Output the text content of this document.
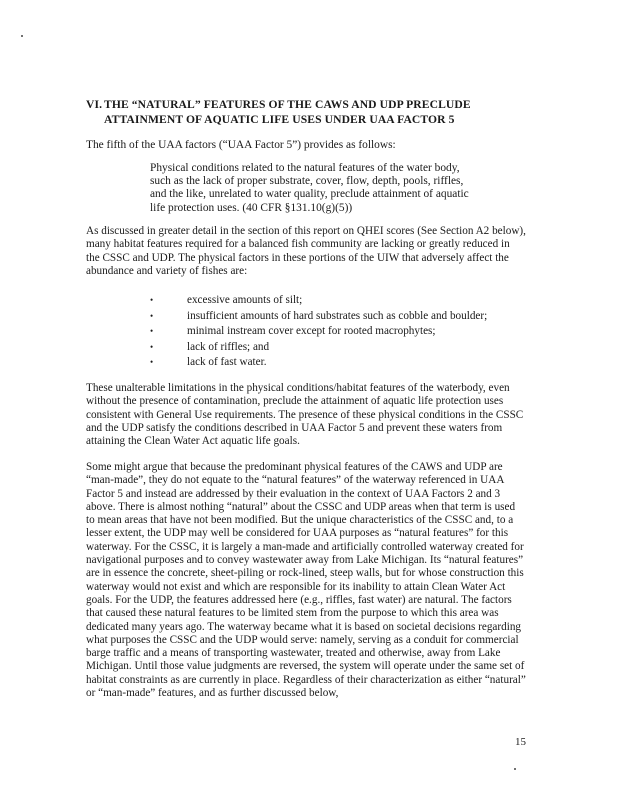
VI. THE “NATURAL” FEATURES OF THE CAWS AND UDP PRECLUDE
ATTAINMENT OF AQUATIC LIFE USES UNDER UAA FACTOR 5
The fifth of the UAA factors (“UAA Factor 5”) provides as follows:
Physical conditions related to the natural features of the water body, such as the lack of proper substrate, cover, flow, depth, pools, riffles, and the like, unrelated to water quality, preclude attainment of aquatic life protection uses. (40 CFR §131.10(g)(5))
As discussed in greater detail in the section of this report on QHEI scores (See Section A2 below), many habitat features required for a balanced fish community are lacking or greatly reduced in the CSSC and UDP. The physical factors in these portions of the UIW that adversely affect the abundance and variety of fishes are:
•	excessive amounts of silt;
•	insufficient amounts of hard substrates such as cobble and boulder;
•	minimal instream cover except for rooted macrophytes;
•	lack of riffles; and
•	lack of fast water.
These unalterable limitations in the physical conditions/habitat features of the waterbody, even without the presence of contamination, preclude the attainment of aquatic life protection uses consistent with General Use requirements. The presence of these physical conditions in the CSSC and the UDP satisfy the conditions described in UAA Factor 5 and prevent these waters from attaining the Clean Water Act aquatic life goals.
Some might argue that because the predominant physical features of the CAWS and UDP are “man-made”, they do not equate to the “natural features” of the waterway referenced in UAA Factor 5 and instead are addressed by their evaluation in the context of UAA Factors 2 and 3 above. There is almost nothing “natural” about the CSSC and UDP areas when that term is used to mean areas that have not been modified. But the unique characteristics of the CSSC and, to a lesser extent, the UDP may well be considered for UAA purposes as “natural features” for this waterway. For the CSSC, it is largely a man-made and artificially controlled waterway created for navigational purposes and to convey wastewater away from Lake Michigan. Its “natural features” are in essence the concrete, sheet-piling or rock-lined, steep walls, but for whose construction this waterway would not exist and which are responsible for its inability to attain Clean Water Act goals. For the UDP, the features addressed here (e.g., riffles, fast water) are natural. The factors that caused these natural features to be limited stem from the purpose to which this area was dedicated many years ago. The waterway became what it is based on societal decisions regarding what purposes the CSSC and the UDP would serve: namely, serving as a conduit for commercial barge traffic and a means of transporting wastewater, treated and otherwise, away from Lake Michigan. Until those value judgments are reversed, the system will operate under the same set of habitat constraints as are currently in place. Regardless of their characterization as either “natural” or “man-made” features, and as further discussed below,
15
